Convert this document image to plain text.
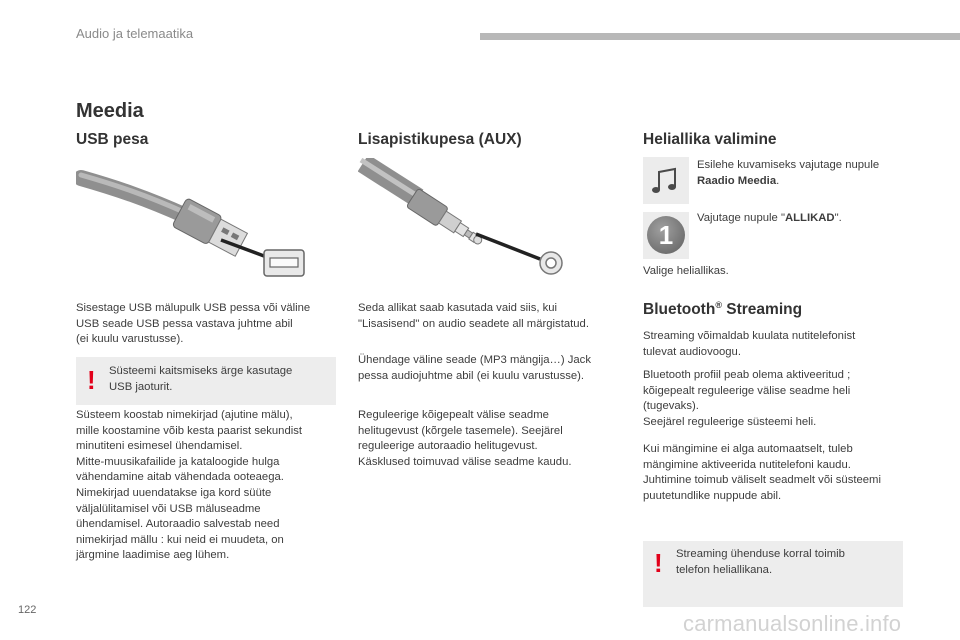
Audio ja telemaatika
Meedia
USB pesa
Sisestage USB mälupulk USB pessa või väline
USB seade USB pessa vastava juhtme abil
(ei kuulu varustusse).
! Süsteemi kaitsmiseks ärge kasutage
USB jaoturit.
Süsteem koostab nimekirjad (ajutine mälu),
mille koostamine võib kesta paarist sekundist
minutiteni esimesel ühendamisel.
Mitte-muusikafailide ja kataloogide hulga
vähendamine aitab vähendada ooteaega.
Nimekirjad uuendatakse iga kord süüte
väljalülitamisel või USB mäluseadme
ühendamisel. Autoraadio salvestab need
nimekirjad mällu : kui neid ei muudeta, on
järgmine laadimise aeg lühem.
Lisapistikupesa (AUX)
Seda allikat saab kasutada vaid siis, kui
"Lisasisend" on audio seadete all märgistatud.
Ühendage väline seade (MP3 mängija…) Jack
pessa audiojuhtme abil (ei kuulu varustusse).
Reguleerige kõigepealt välise seadme
helitugevust (kõrgele tasemele). Seejärel
reguleerige autoraadio helitugevust.
Käsklused toimuvad välise seadme kaudu.
Heliallika valimine
Esilehe kuvamiseks vajutage nupule
Raadio Meedia.
1
Vajutage nupule "ALLIKAD".
Valige heliallikas.
Bluetooth® Streaming
Streaming võimaldab kuulata nutitelefonist
tulevat audiovoogu.
Bluetooth profiil peab olema aktiveeritud ;
kõigepealt reguleerige välise seadme heli
(tugevaks).
Seejärel reguleerige süsteemi heli.
Kui mängimine ei alga automaatselt, tuleb
mängimine aktiveerida nutitelefoni kaudu.
Juhtimine toimub väliselt seadmelt või süsteemi
puutetundlike nuppude abil.
! Streaming ühenduse korral toimib
telefon heliallikana.
122
carmanualsonline.info
